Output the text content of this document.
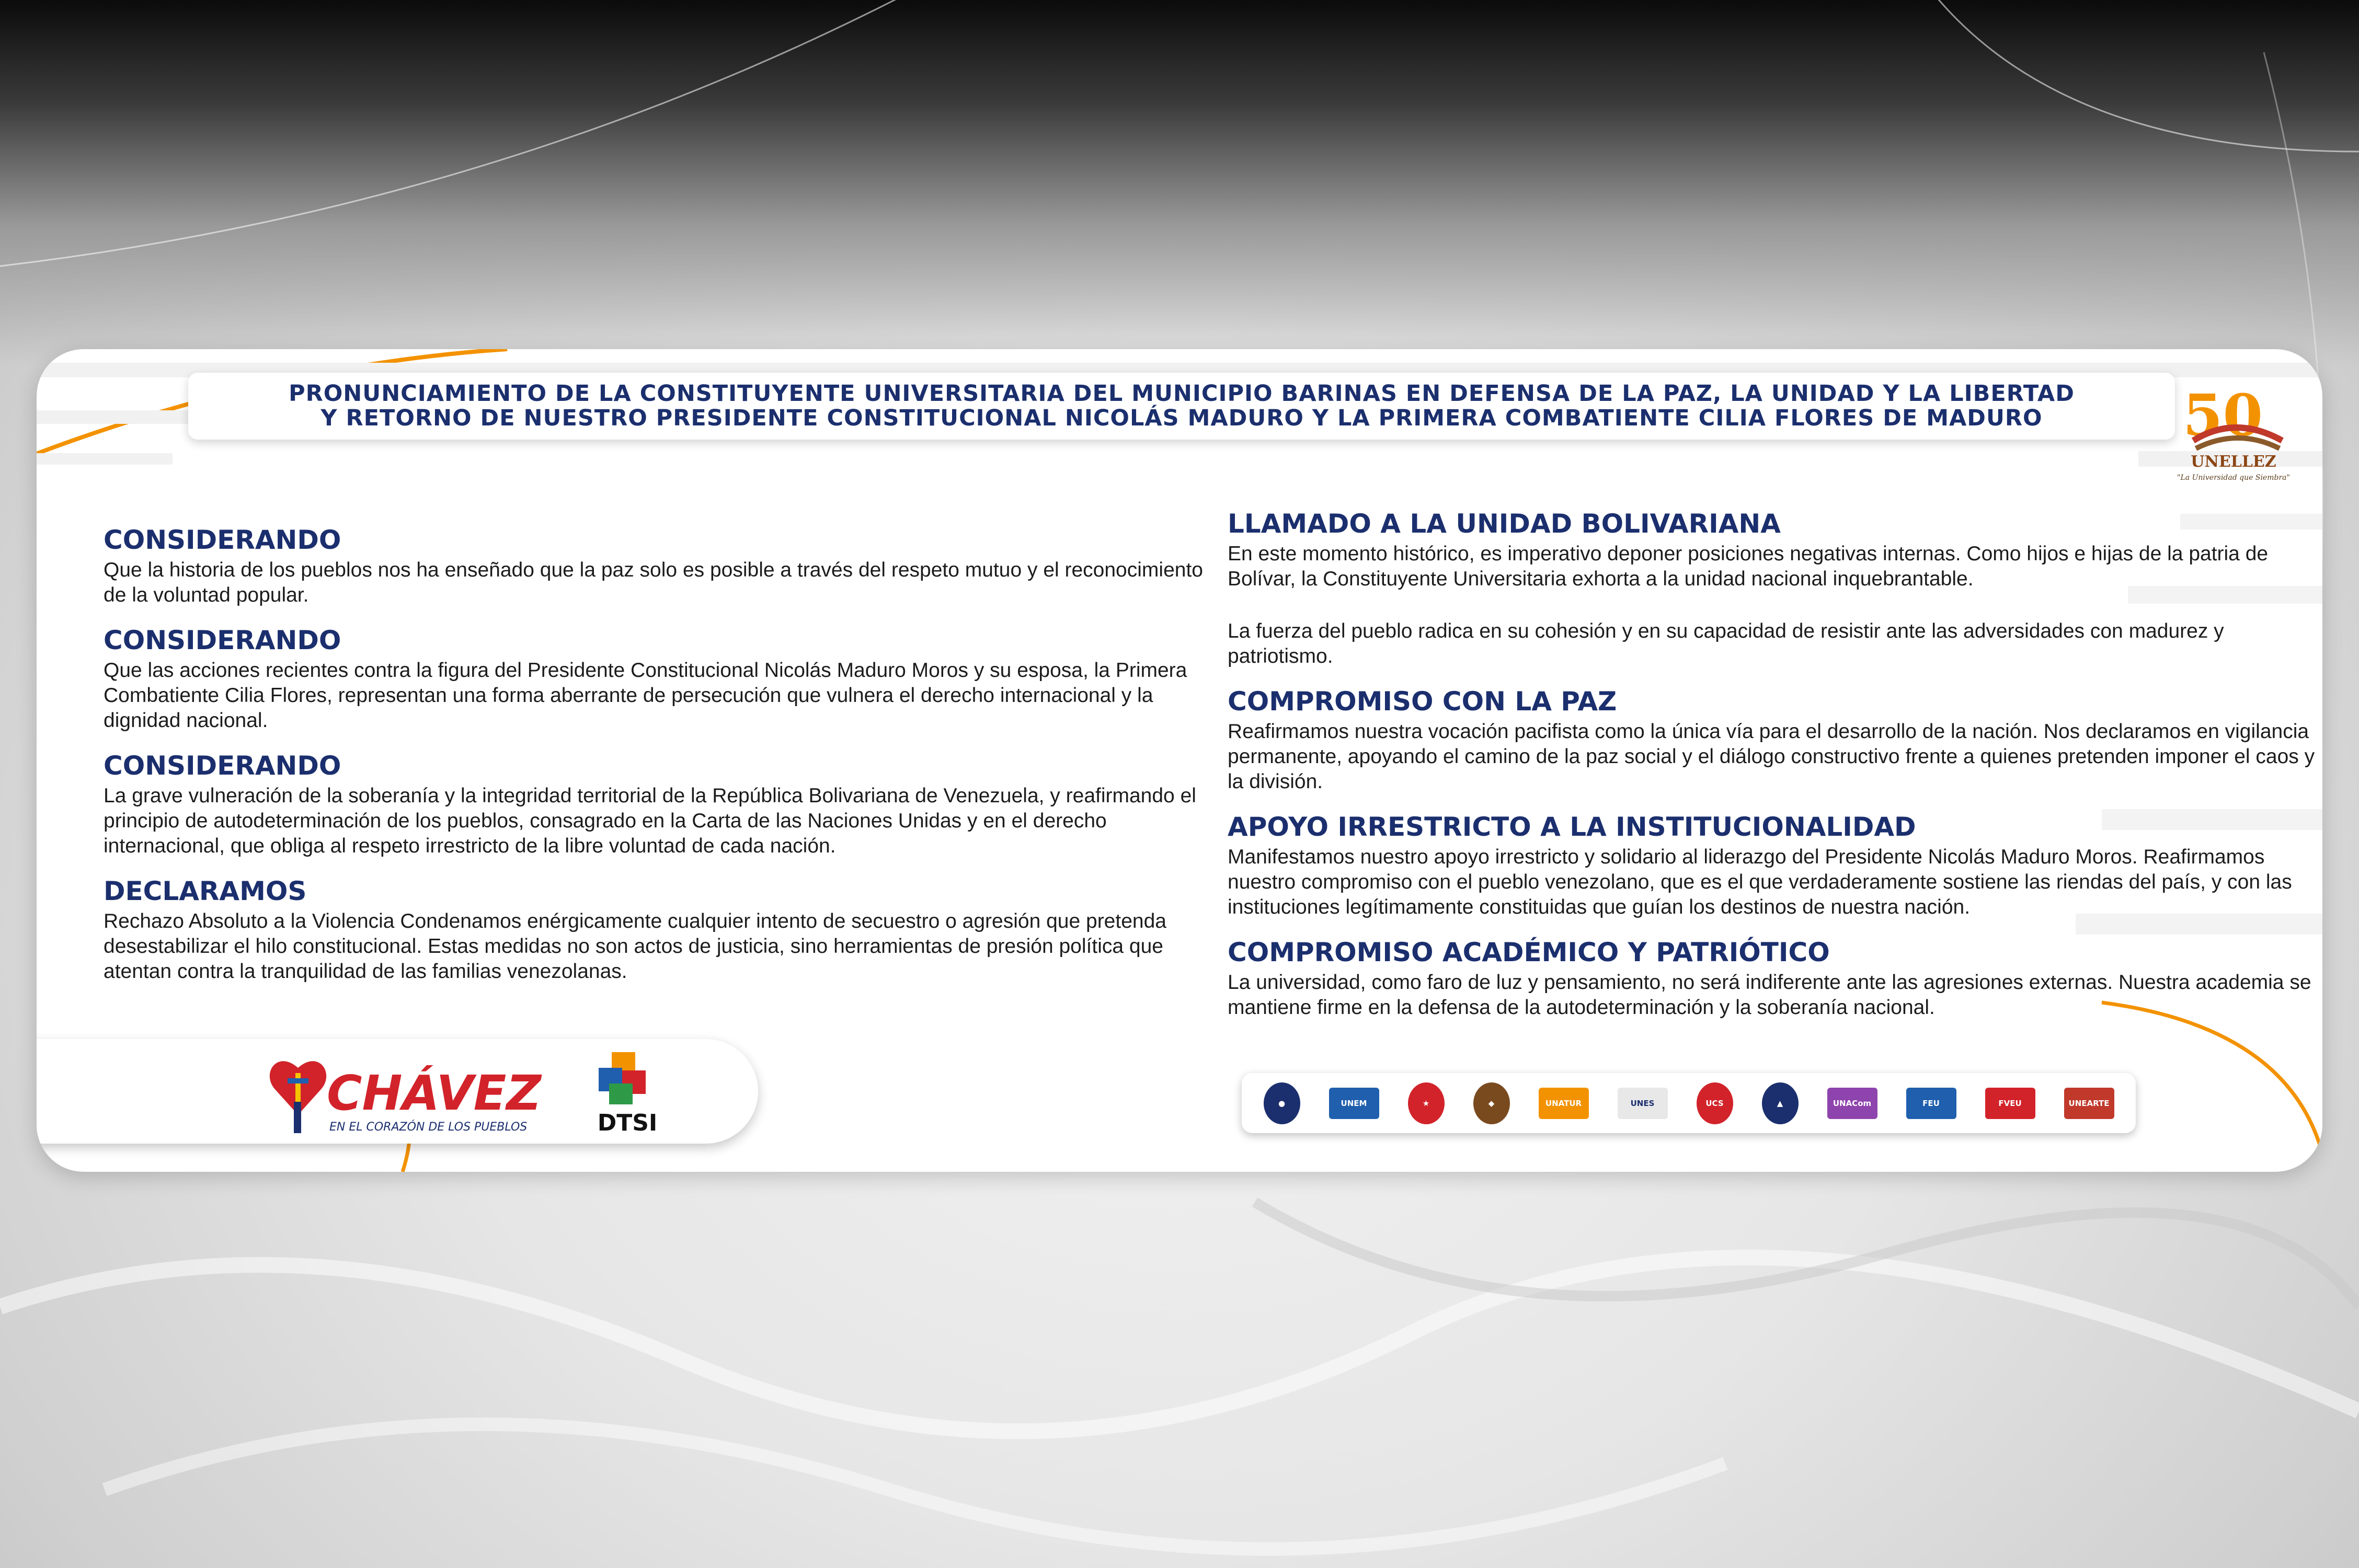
PRONUNCIAMIENTO DE LA CONSTITUYENTE UNIVERSITARIA DEL MUNICIPIO BARINAS EN DEFENSA DE LA PAZ, LA UNIDAD Y LA LIBERTAD
Y RETORNO DE NUESTRO PRESIDENTE CONSTITUCIONAL NICOLÁS MADURO Y LA PRIMERA COMBATIENTE CILIA FLORES DE MADURO 50
UNELLEZ
"La Universidad que Siembra"
CONSIDERANDO

Que la historia de los pueblos nos ha enseñado que la paz solo es posible a través del respeto mutuo y el reconocimiento de la voluntad popular.

CONSIDERANDO

Que las acciones recientes contra la figura del Presidente Constitucional Nicolás Maduro Moros y su esposa, la Primera Combatiente Cilia Flores, representan una forma aberrante de persecución que vulnera el derecho internacional y la dignidad nacional.

CONSIDERANDO

La grave vulneración de la soberanía y la integridad territorial de la República Bolivariana de Venezuela, y reafirmando el principio de autodeterminación de los pueblos, consagrado en la Carta de las Naciones Unidas y en el derecho internacional, que obliga al respeto irrestricto de la libre voluntad de cada nación.

DECLARAMOS

Rechazo Absoluto a la Violencia Condenamos enérgicamente cualquier intento de secuestro o agresión que pretenda desestabilizar el hilo constitucional. Estas medidas no son actos de justicia, sino herramientas de presión política que atentan contra la tranquilidad de las familias venezolanas.

LLAMADO A LA UNIDAD BOLIVARIANA

En este momento histórico, es imperativo deponer posiciones negativas internas. Como hijos e hijas de la patria de Bolívar, la Constituyente Universitaria exhorta a la unidad nacional inquebrantable.

La fuerza del pueblo radica en su cohesión y en su capacidad de resistir ante las adversidades con madurez y patriotismo.

COMPROMISO CON LA PAZ

Reafirmamos nuestra vocación pacifista como la única vía para el desarrollo de la nación. Nos declaramos en vigilancia permanente, apoyando el camino de la paz social y el diálogo constructivo frente a quienes pretenden imponer el caos y la división.

APOYO IRRESTRICTO A LA INSTITUCIONALIDAD

Manifestamos nuestro apoyo irrestricto y solidario al liderazgo del Presidente Nicolás Maduro Moros. Reafirmamos nuestro compromiso con el pueblo venezolano, que es el que verdaderamente sostiene las riendas del país, y con las instituciones legítimamente constituidas que guían los destinos de nuestra nación.

COMPROMISO ACADÉMICO Y PATRIÓTICO

La universidad, como faro de luz y pensamiento, no será indiferente ante las agresiones externas. Nuestra academia se mantiene firme en la defensa de la autodeterminación y la soberanía nacional.

CHÁVEZ
EN EL CORAZÓN DE LOS PUEBLOS	DTSI
●	UNEM	★	◆	UNATUR	UNES	UCS	▲	UNACom	FEU	FVEU	UNEARTE
